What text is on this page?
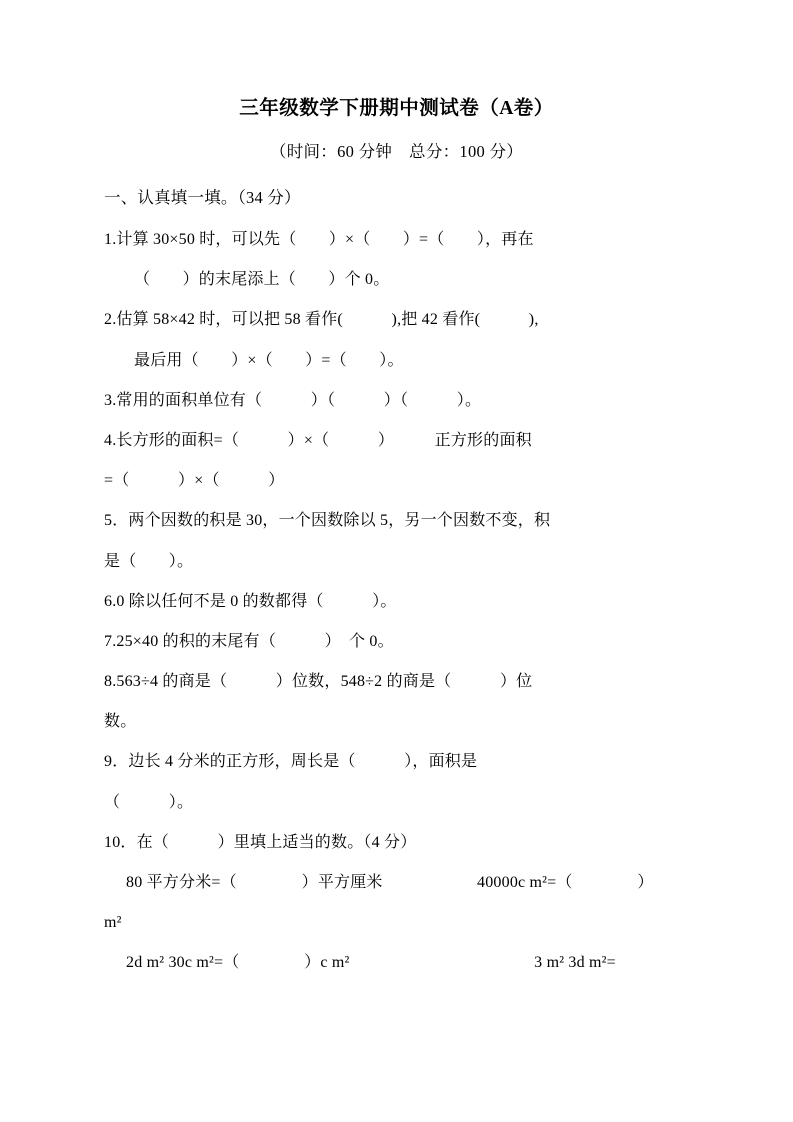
三年级数学下册期中测试卷（A卷）
（时间：60 分钟　总分：100 分）
一、认真填一填。（34 分）
1.计算 30×50 时，可以先（　　）×（　　）=（　　），再在
（　　）的末尾添上（　　）个 0。
2.估算 58×42 时，可以把 58 看作(　　　),把 42 看作(　　　),
最后用（　　）×（　　）=（　　）。
3.常用的面积单位有（　　　）（　　　）（　　　）。
4.长方形的面积=（　　　）×（　　　）　　　正方形的面积
=（　　　）×（　　　）
5．两个因数的积是 30，一个因数除以 5，另一个因数不变，积
是（　　）。
6.0 除以任何不是 0 的数都得（　　　）。
7.25×40 的积的末尾有（　　　）　个 0。
8.563÷4 的商是（　　　）位数，548÷2 的商是（　　　）位
数。
9．边长 4 分米的正方形，周长是（　　　），面积是
（　　　）。
10．在（　　　）里填上适当的数。（4 分）
80 平方分米=（　　　　）平方厘米	40000c m²=（　　　　）
m²
2d m² 30c m²=（　　　　）c m²	3 m² 3d m²=
